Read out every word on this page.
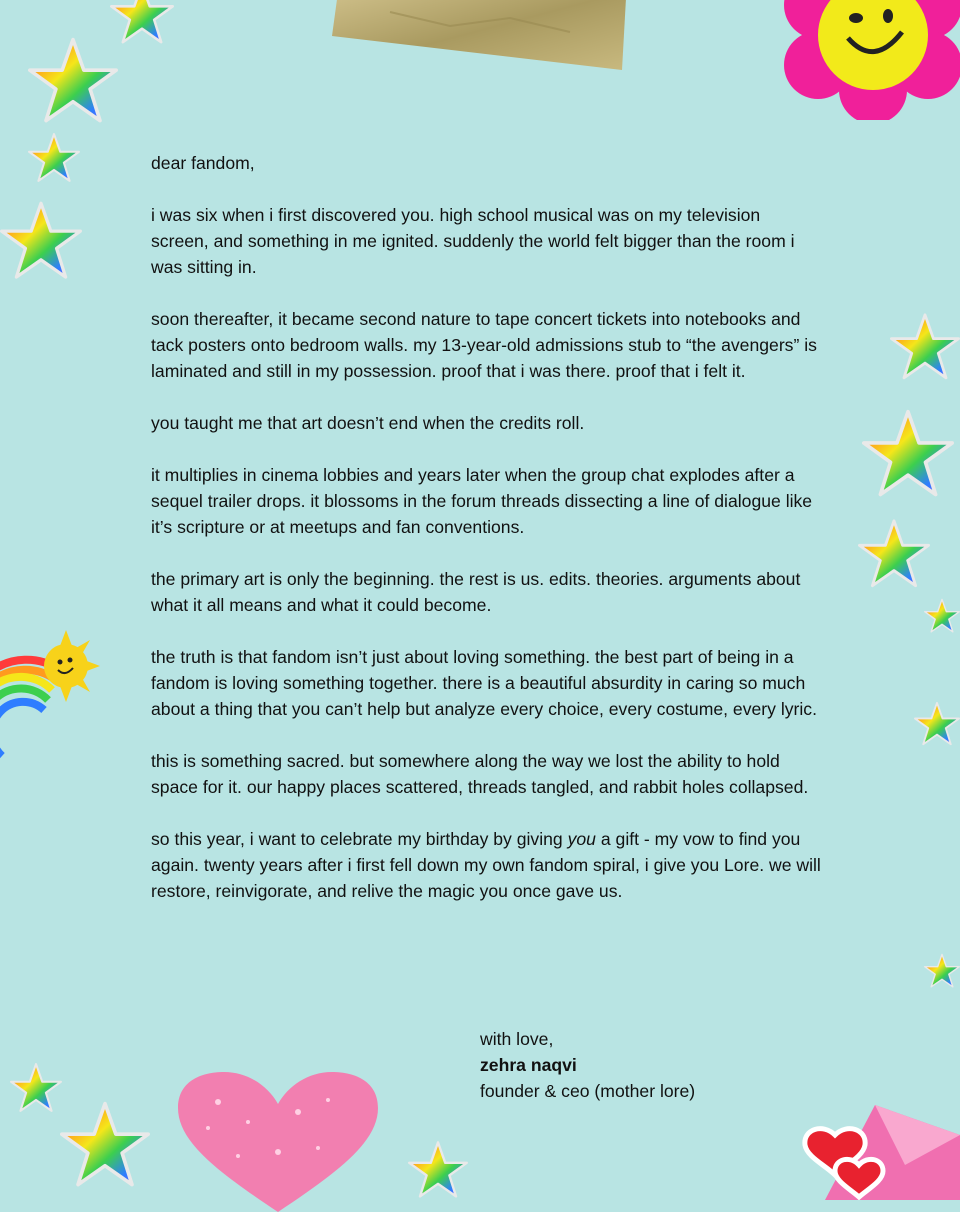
dear fandom,

i was six when i first discovered you. high school musical was on my television screen, and something in me ignited. suddenly the world felt bigger than the room i was sitting in.

soon thereafter, it became second nature to tape concert tickets into notebooks and tack posters onto bedroom walls. my 13-year-old admissions stub to “the avengers” is laminated and still in my possession. proof that i was there. proof that i felt it.

you taught me that art doesn’t end when the credits roll.

it multiplies in cinema lobbies and years later when the group chat explodes after a sequel trailer drops. it blossoms in the forum threads dissecting a line of dialogue like it’s scripture or at meetups and fan conventions.

the primary art is only the beginning. the rest is us. edits. theories. arguments about what it all means and what it could become.

the truth is that fandom isn’t just about loving something. the best part of being in a fandom is loving something together. there is a beautiful absurdity in caring so much about a thing that you can’t help but analyze every choice, every costume, every lyric.

this is something sacred. but somewhere along the way we lost the ability to hold space for it. our happy places scattered, threads tangled, and rabbit holes collapsed.

so this year, i want to celebrate my birthday by giving you a gift - my vow to find you again. twenty years after i first fell down my own fandom spiral, i give you Lore. we will restore, reinvigorate, and relive the magic you once gave us.

with love,
zehra naqvi
founder & ceo (mother lore)
